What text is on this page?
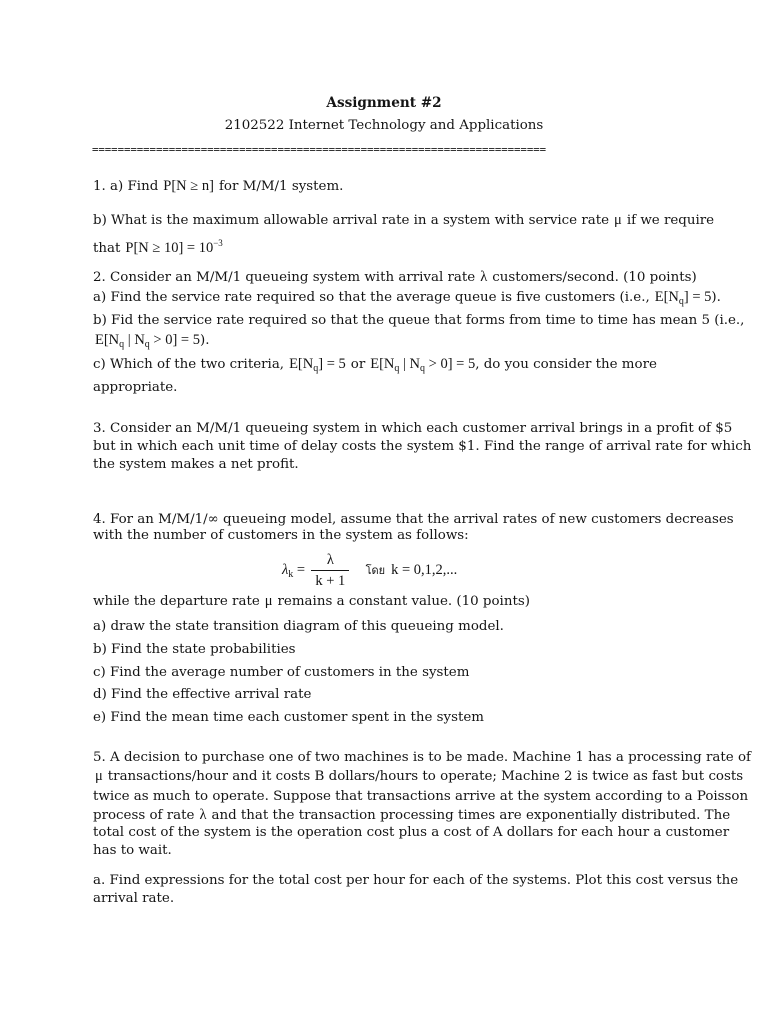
Assignment #2
2102522 Internet Technology and Applications
=======================================================================
1. a) Find P[N ≥ n] for M/M/1 system.
b) What is the maximum allowable arrival rate in a system with service rate μ if we require
that $P[N \ge 10] = 10^{-3}$
2. Consider an M/M/1 queueing system with arrival rate λ customers/second. (10 points)
a) Find the service rate required so that the average queue is five customers (i.e., $E[N_q] = 5$).
b) Fid the service rate required so that the queue that forms from time to time has mean 5 (i.e.,
$E[N_q$ | $N_q > 0] = 5$).
c) Which of the two criteria, $E[N_q] = 5$ or $E[N_q$ | $N_q > 0] = 5$, do you consider the more
appropriate.
3. Consider an M/M/1 queueing system in which each customer arrival brings in a profit of $5
but in which each unit time of delay costs the system $1. Find the range of arrival rate for which
the system makes a net profit.
4. For an M/M/1/∞ queueing model, assume that the arrival rates of new customers decreases
with the number of customers in the system as follows:
$\lambda_k = \frac{\lambda}{k + 1}$ โดย k = 0,1,2,...
while the departure rate μ remains a constant value. (10 points)
a) draw the state transition diagram of this queueing model.
b) Find the state probabilities
c) Find the average number of customers in the system
d) Find the effective arrival rate
e) Find the mean time each customer spent in the system
5. A decision to purchase one of two machines is to be made. Machine 1 has a processing rate of
μ transactions/hour and it costs B dollars/hours to operate; Machine 2 is twice as fast but costs
twice as much to operate. Suppose that transactions arrive at the system according to a Poisson
process of rate λ and that the transaction processing times are exponentially distributed. The
total cost of the system is the operation cost plus a cost of A dollars for each hour a customer
has to wait.
a. Find expressions for the total cost per hour for each of the systems. Plot this cost versus the
arrival rate.
